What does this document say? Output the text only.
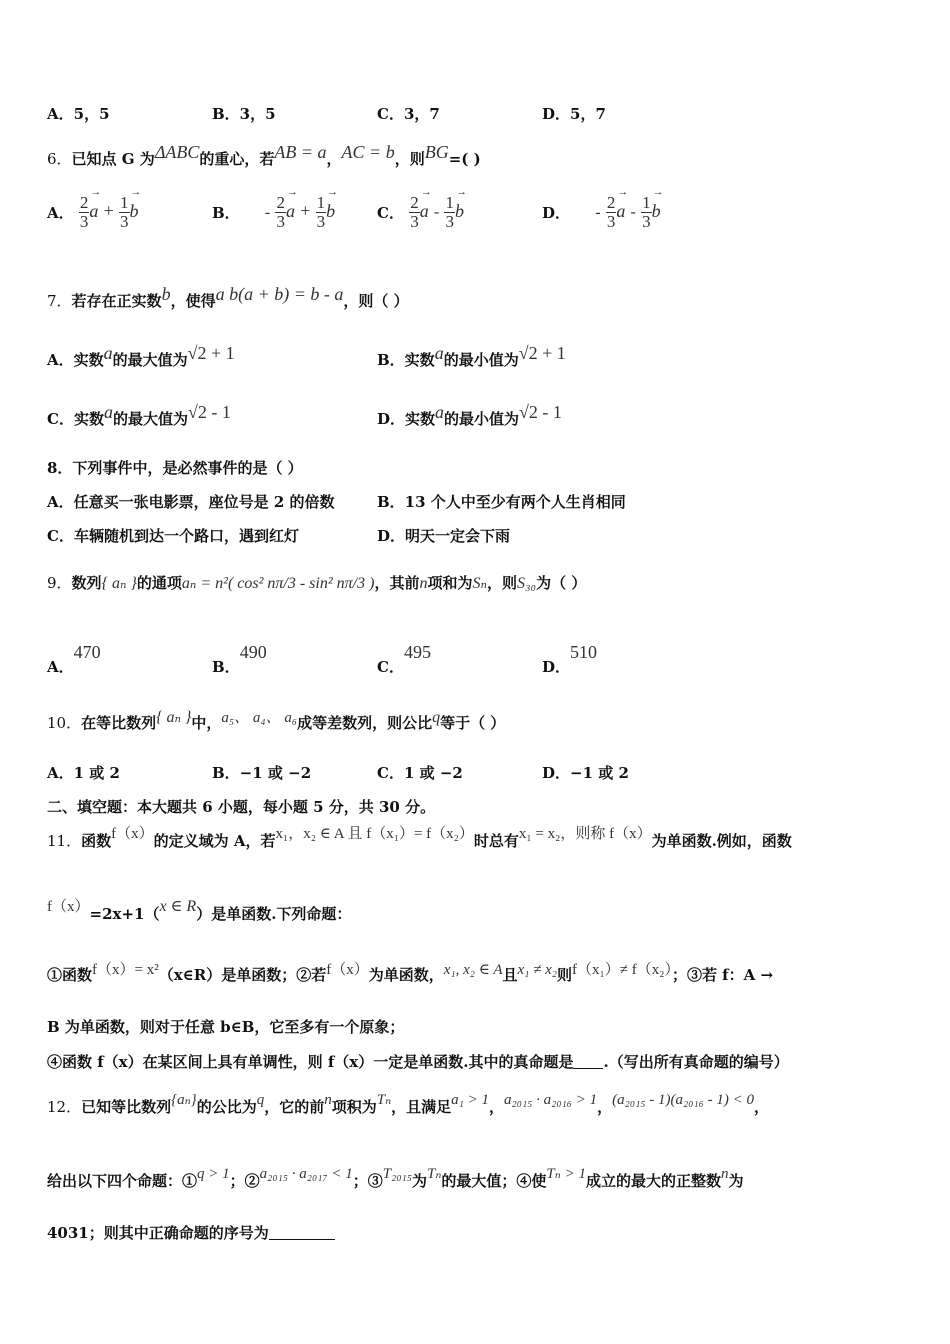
A．5，5	B．3，5	C．3，7	D．5，7
6．已知点 G 为ΔABC的重心，若AB = a，AC = b，则BG=( )
A． $\frac{2}{3}$
→ $a + \frac{1}{3}$
→ b	B． - $\frac{2}{3}$
→ $a + \frac{1}{3}$
→ b	C． $\frac{2}{3}$
→ a - $\frac{1}{3}$
→ b	D． - $\frac{2}{3}$
→ a - $\frac{1}{3}$
→ b
7．若存在正实数b，使得a b(a + b) = b - a，则（ ）
A．实数a的最大值为√2 + 1	B．实数a的最小值为√2 + 1
C．实数a的最大值为√2 - 1	D．实数a的最小值为√2 - 1
8．下列事件中，是必然事件的是（ ）
A．任意买一张电影票，座位号是 2 的倍数	B．13 个人中至少有两个人生肖相同
C．车辆随机到达一个路口，遇到红灯	D．明天一定会下雨
9．数列{ aₙ }的通项aₙ = n²( cos² nπ/3 - sin² nπ/3 )，其前n项和为Sₙ，则S₃₀为（ ）
A．470
B．490
C．495
D．510
10．在等比数列{ aₙ }中，a₅、 a₄、 a₆成等差数列，则公比q等于（ ）
A．1 或 2	B．−1 或 −2	C．1 或 −2	D．−1 或 2
二、填空题：本大题共 6 小题，每小题 5 分，共 30 分。
11．函数f（x）的定义域为 A，若x₁，x₂ ∈ A 且 f（x₁）= f（x₂）时总有x₁ = x₂，则称 f（x）为单函数.例如，函数
f（x）=2x+1（x ∈ R）是单函数.下列命题：
①函数f（x）= x²（x∈R）是单函数；②若f（x）为单函数，x₁, x₂ ∈ A且x₁ ≠ x₂则f（x₁）≠ f（x₂）；③若 f：A →
B 为单函数，则对于任意 b∈B，它至多有一个原象；
④函数 f（x）在某区间上具有单调性，则 f（x）一定是单函数.其中的真命题是 .（写出所有真命题的编号）
12．已知等比数列{aₙ}的公比为q，它的前n项积为Tₙ，且满足a₁ > 1，a₂₀₁₅ · a₂₀₁₆ > 1，(a₂₀₁₅ - 1)(a₂₀₁₆ - 1) < 0，
给出以下四个命题：①q > 1；②a₂₀₁₅ · a₂₀₁₇ < 1；③T₂₀₁₅为Tₙ的最大值；④使Tₙ > 1成立的最大的正整数n为
4031；则其中正确命题的序号为
